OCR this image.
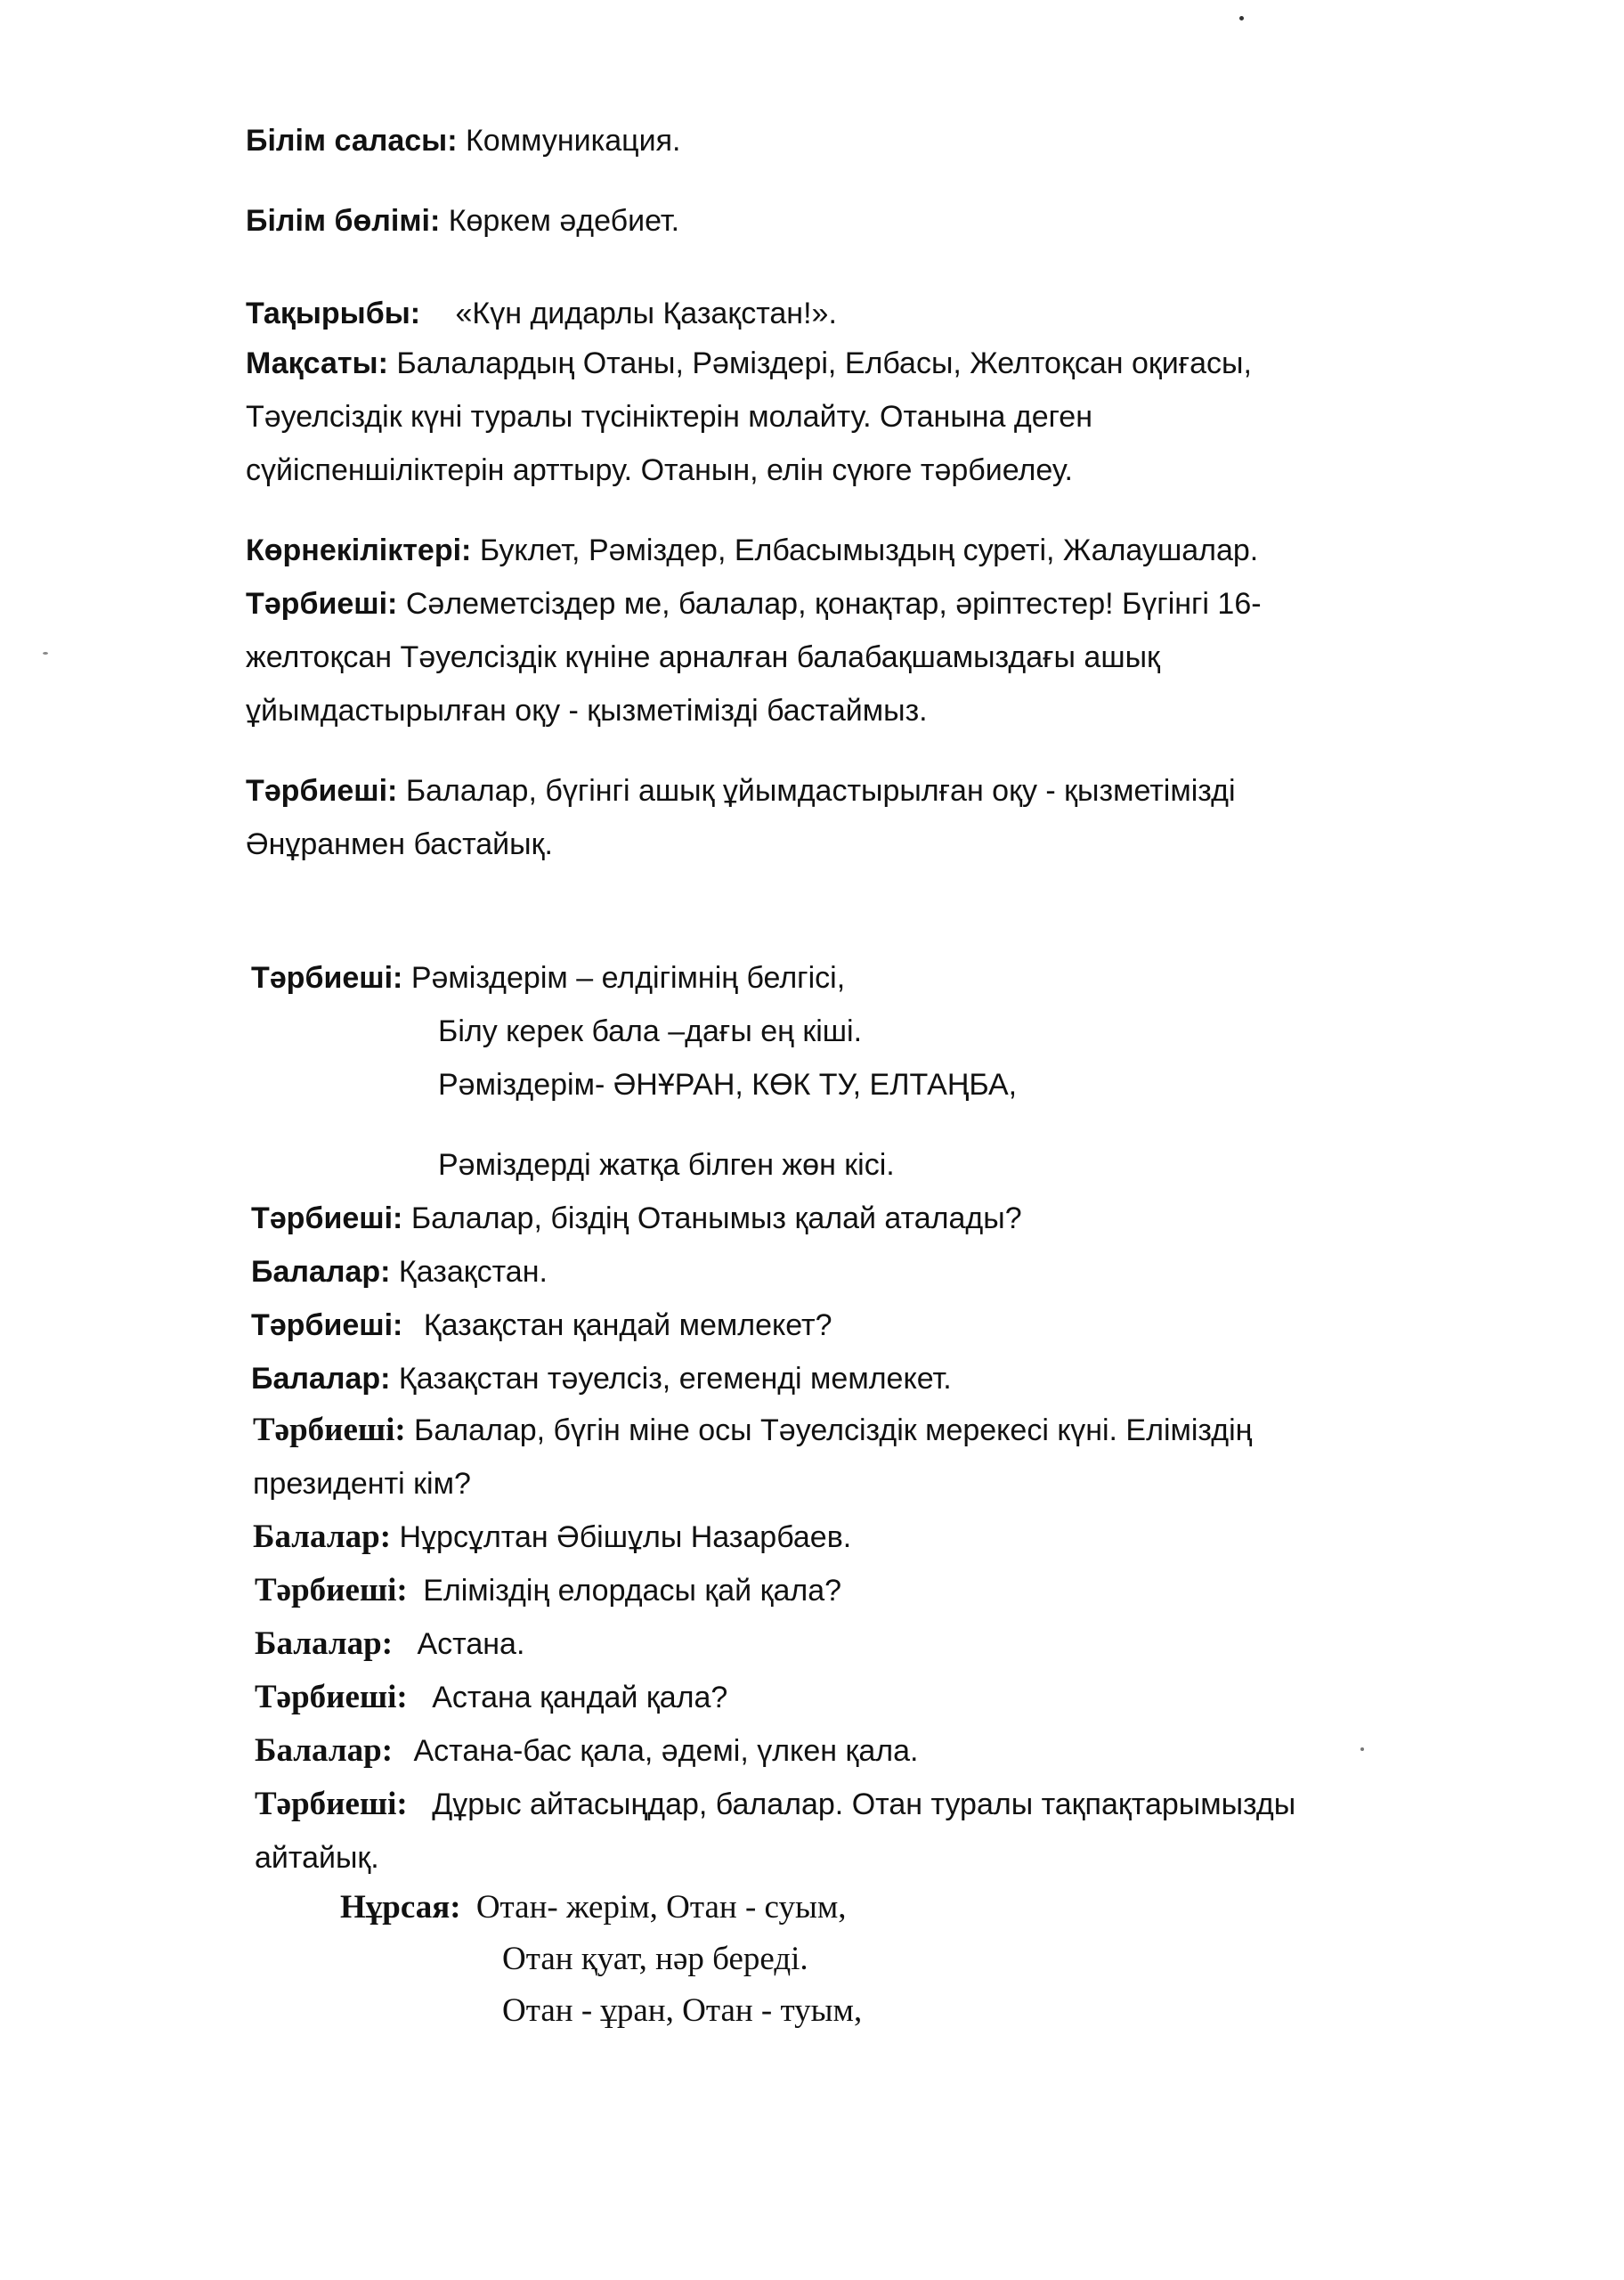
Білім саласы: Коммуникация.
Білім бөлімі: Көркем әдебиет.
Тақырыбы: «Күн дидарлы Қазақстан!».
Мақсаты: Балалардың Отаны, Рәміздері, Елбасы, Желтоқсан оқиғасы,
Тәуелсіздік күні туралы түсініктерін молайту. Отанына деген
сүйіспеншіліктерін арттыру. Отанын, елін сүюге тәрбиелеу.
Көрнекіліктері: Буклет, Рәміздер, Елбасымыздың суреті, Жалаушалар.
Тәрбиеші: Сәлеметсіздер ме, балалар, қонақтар, әріптестер! Бүгінгі 16-
желтоқсан Тәуелсіздік күніне арналған балабақшамыздағы ашық
ұйымдастырылған оқу - қызметімізді бастаймыз.
Тәрбиеші: Балалар, бүгінгі ашық ұйымдастырылған оқу - қызметімізді
Әнұранмен бастайық.
Тәрбиеші: Рәміздерім – елдігімнің белгісі,
Білу керек бала –дағы ең кіші.
Рәміздерім- ӘНҰРАН, КӨК ТУ, ЕЛТАҢБА,
Рәміздерді жатқа білген жөн кісі.
Тәрбиеші: Балалар, біздің Отанымыз қалай аталады?
Балалар: Қазақстан.
Тәрбиеші: Қазақстан қандай мемлекет?
Балалар: Қазақстан тәуелсіз, егеменді мемлекет.
Тәрбиеші: Балалар, бүгін міне осы Тәуелсіздік мерекесі күні. Еліміздің
президенті кім?
Балалар: Нұрсұлтан Әбішұлы Назарбаев.
Тәрбиеші: Еліміздің елордасы қай қала?
Балалар: Астана.
Тәрбиеші: Астана қандай қала?
Балалар: Астана-бас қала, әдемі, үлкен қала.
Тәрбиеші: Дұрыс айтасыңдар, балалар. Отан туралы тақпақтарымызды
айтайық.
Нұрсая: Отан- жерім, Отан - суым,
Отан қуат, нәр береді.
Отан - ұран, Отан - туым,
